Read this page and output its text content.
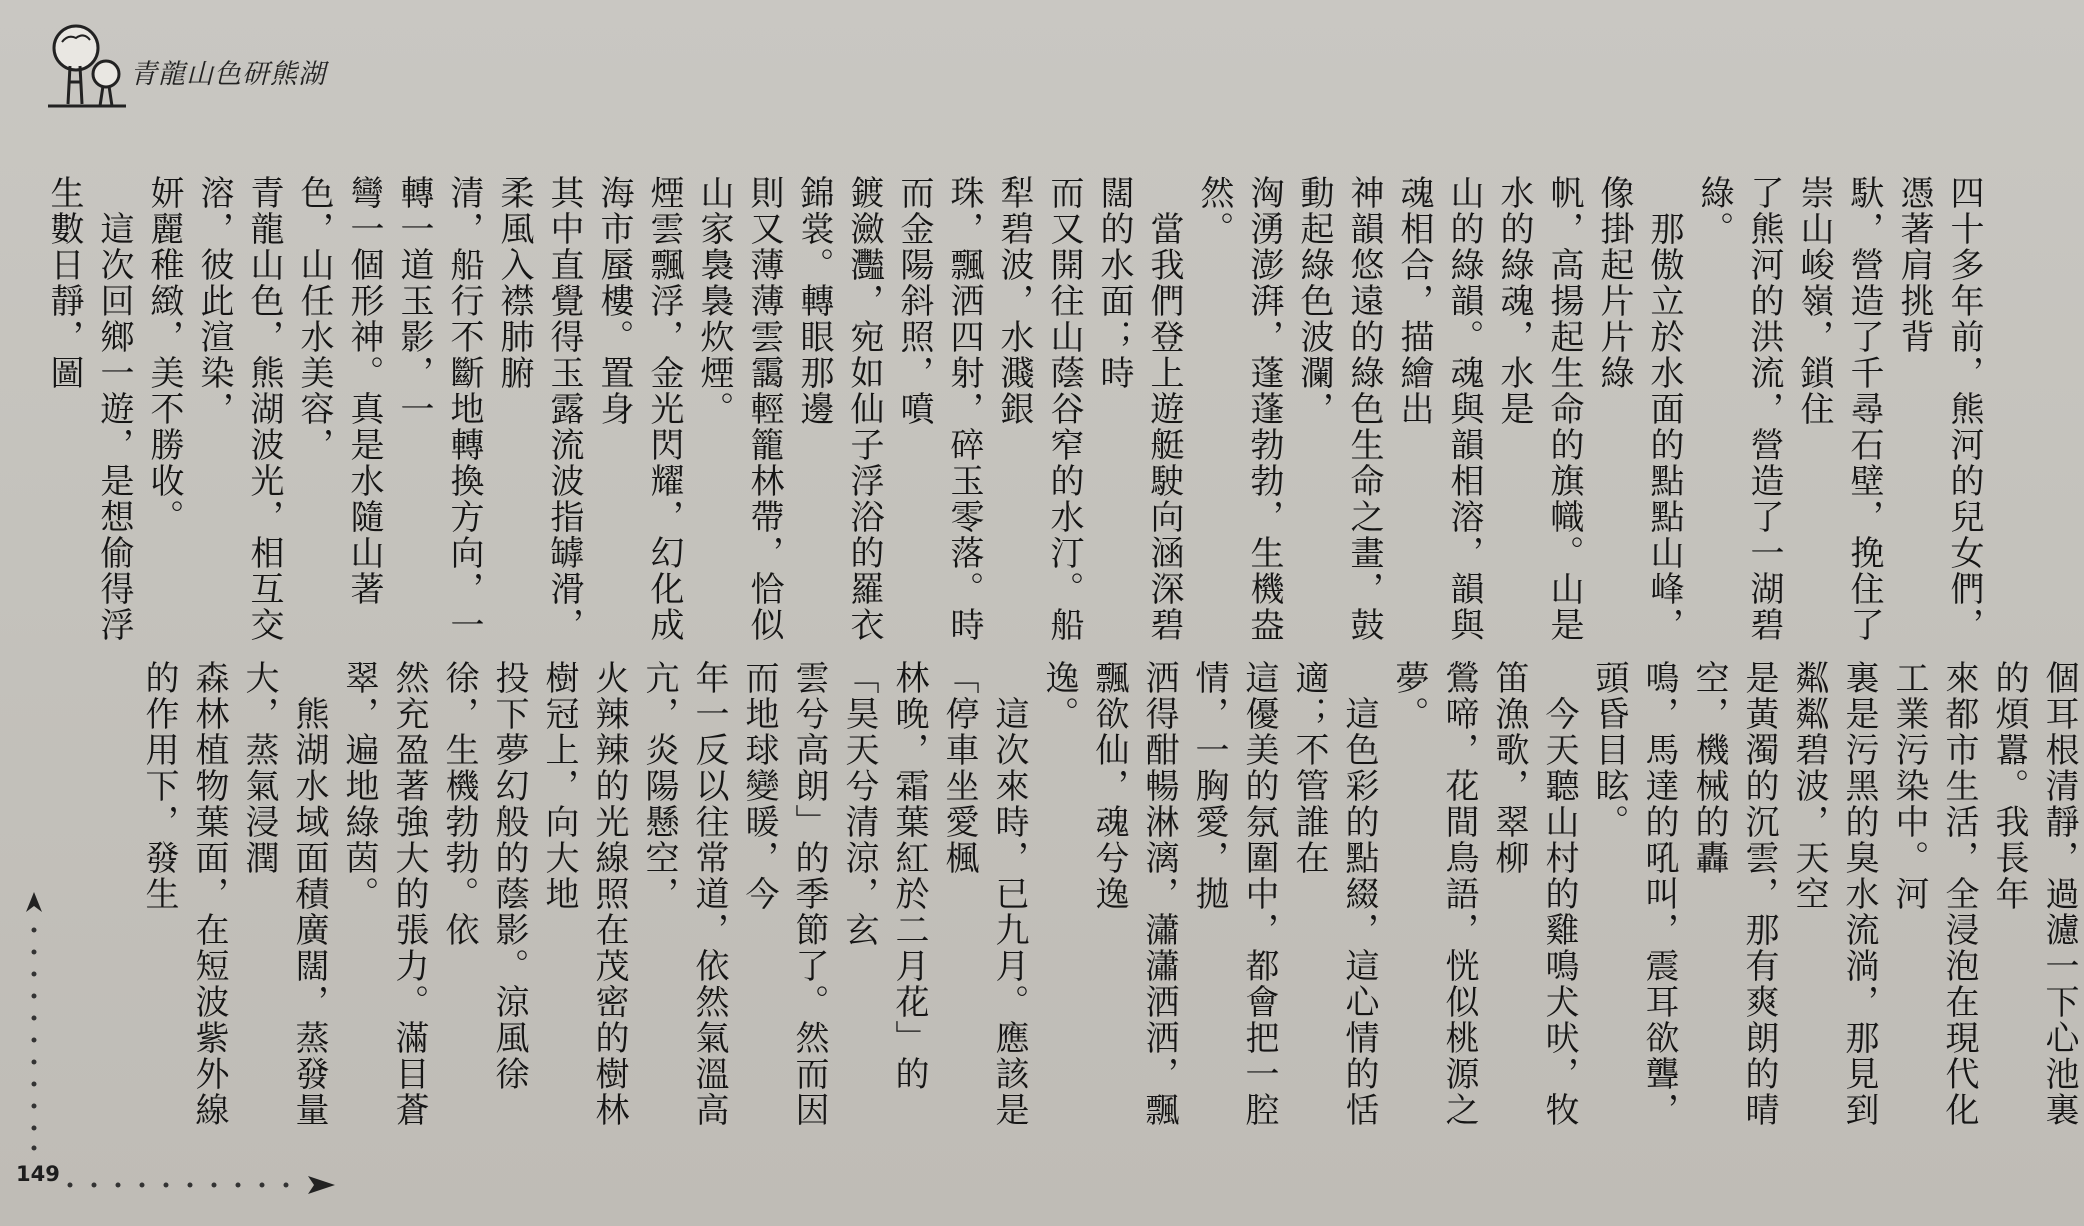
青龍山色研熊湖

四十多年前，熊河的兒女們，憑著肩挑背
馱，營造了千尋石壁，挽住了崇山峻嶺，鎖住
了熊河的洪流，營造了一湖碧綠。
　那傲立於水面的點點山峰，像掛起片片綠
帆，高揚起生命的旗幟。山是水的綠魂，水是
山的綠韻。魂與韻相溶，韻與魂相合，描繪出
神韻悠遠的綠色生命之畫，鼓動起綠色波瀾，
洶湧澎湃，蓬蓬勃勃，生機盎然。
　當我們登上遊艇駛向涵深碧闊的水面；時
而又開往山蔭谷窄的水汀。船犁碧波，水濺銀
珠，飄洒四射，碎玉零落。時而金陽斜照，噴
鍍瀲灩，宛如仙子浮浴的羅衣錦裳。轉眼那邊
則又薄薄雲靄輕籠林帶，恰似山家裊裊炊煙。
煙雲飄浮，金光閃耀，幻化成海市蜃樓。置身
其中直覺得玉露流波指罅滑，柔風入襟肺腑
清，船行不斷地轉換方向，一轉一道玉影，一
彎一個形神。真是水隨山著色，山任水美容，
青龍山色，熊湖波光，相互交溶，彼此渲染，
妍麗稚緻，美不勝收。
　這次回鄉一遊，是想偷得浮生數日靜，圖

個耳根清靜，過濾一下心池裏的煩囂。我長年
來都市生活，全浸泡在現代化工業污染中。河
裏是污黑的臭水流淌，那見到粼粼碧波，天空
是黃濁的沉雲，那有爽朗的晴空，機械的轟
鳴，馬達的吼叫，震耳欲聾，頭昏目眩。
　今天聽山村的雞鳴犬吠，牧笛漁歌，翠柳
鶯啼，花間鳥語，恍似桃源之夢。
　這色彩的點綴，這心情的恬適；不管誰在
這優美的氛圍中，都會把一腔情，一胸愛，拋
洒得酣暢淋漓，瀟瀟洒洒，飄飄欲仙，魂兮逸
逸。
　這次來時，已九月。應該是「停車坐愛楓
林晚，霜葉紅於二月花」的「昊天兮清涼，玄
雲兮高朗」的季節了。然而因而地球變暖，今
年一反以往常道，依然氣溫高亢，炎陽懸空，
火辣辣的光線照在茂密的樹林樹冠上，向大地
投下夢幻般的蔭影。涼風徐徐，生機勃勃。依
然充盈著強大的張力。滿目蒼翠，遍地綠茵。
　熊湖水域面積廣闊，蒸發量大，蒸氣浸潤
森林植物葉面，在短波紫外線的作用下，發生

149
